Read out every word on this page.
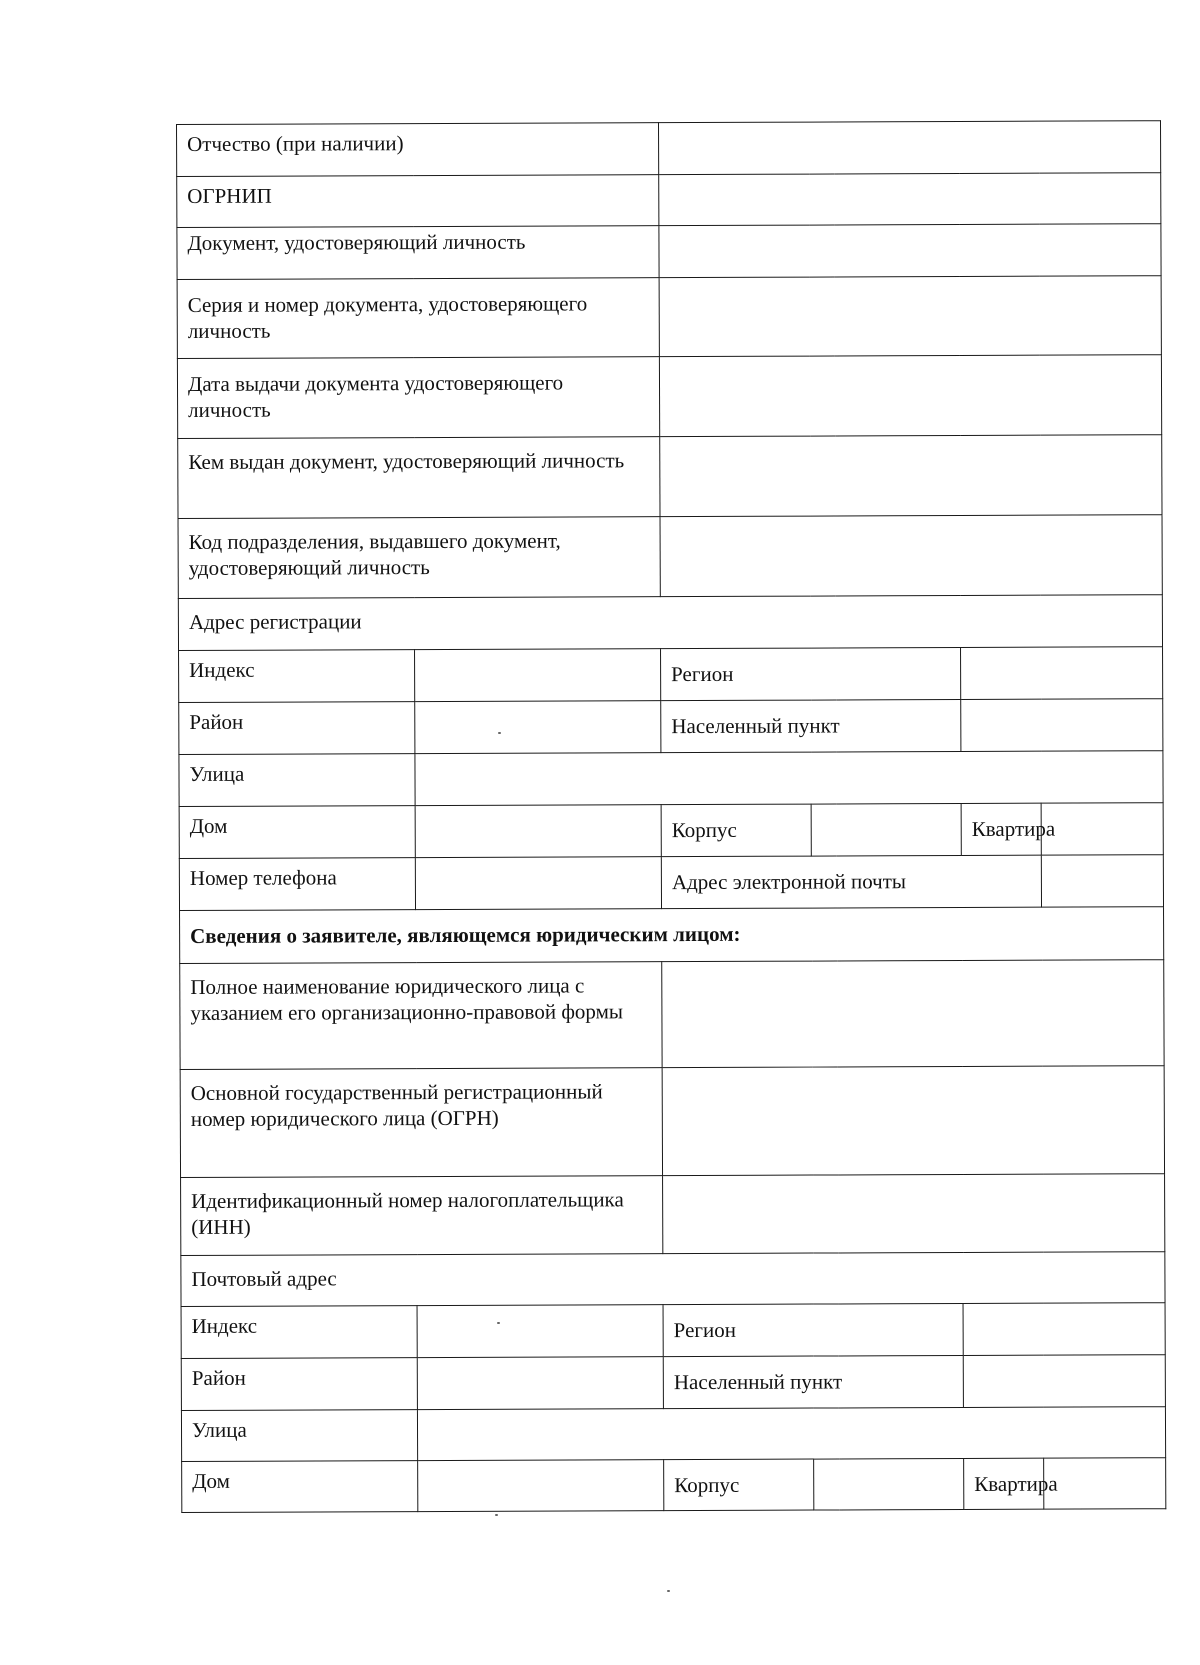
Отчество (при наличии)					
ОГРНИП					
Документ, удостоверяющий личность					
Серия и номер документа, удостоверяющего личность					
Дата выдачи документа удостоверяющего личность					
Кем выдан документ, удостоверяющий личность					
Код подразделения, выдавшего документ, удостоверяющий личность					
Адрес регистрации					
Индекс		Регион			
Район		Населенный пункт			
Улица					
Дом		Корпус		Квартира	
Номер телефона		Адрес электронной почты			
Сведения о заявителе, являющемся юридическим лицом:					
Полное наименование юридического лица с указанием его организационно-правовой формы					
Основной государственный регистрационный номер юридического лица (ОГРН)					
Идентификационный номер налогоплательщика (ИНН)					
Почтовый адрес					
Индекс		Регион			
Район		Населенный пункт			
Улица					
Дом		Корпус		Квартира	
